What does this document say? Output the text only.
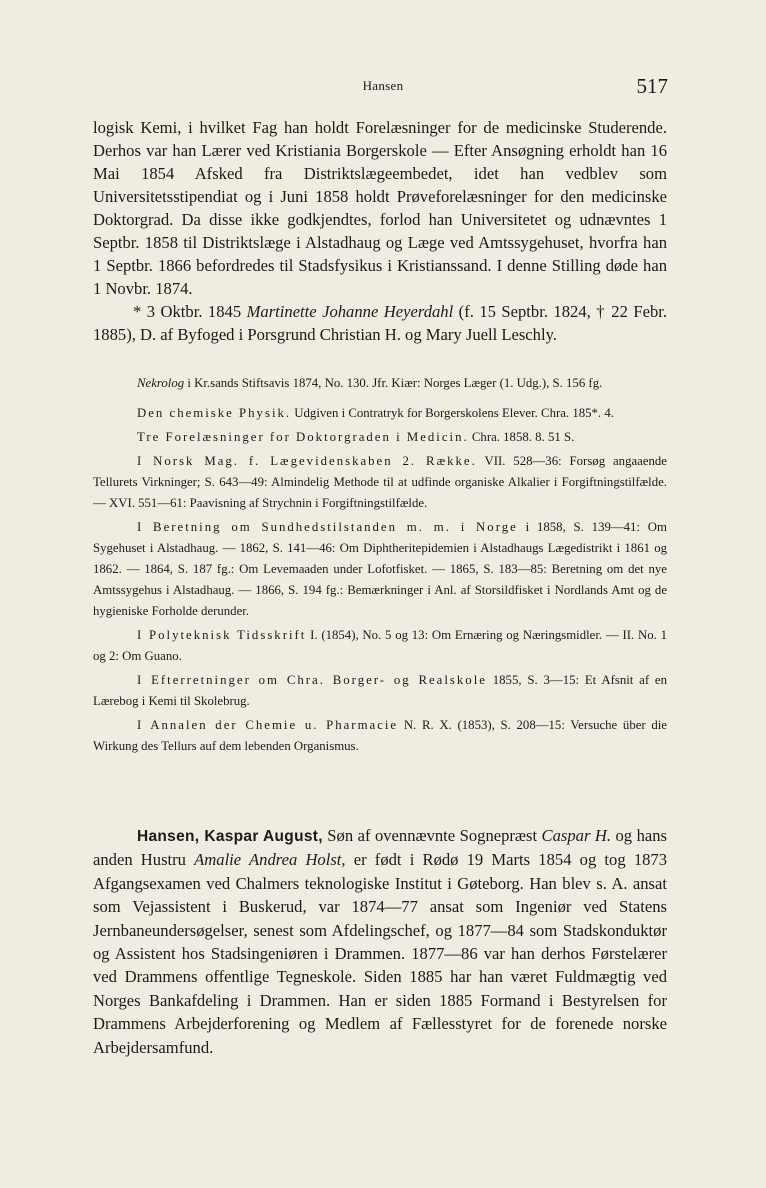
Hansen	517

logisk Kemi, i hvilket Fag han holdt Forelæsninger for de medicinske Studerende. Derhos var han Lærer ved Kristiania Borgerskole — Efter Ansøgning erholdt han 16 Mai 1854 Afsked fra Distriktslægeembedet, idet han vedblev som Universitetsstipendiat og i Juni 1858 holdt Prøveforelæsninger for den medicinske Doktorgrad. Da disse ikke godkjendtes, forlod han Universitetet og udnævntes 1 Septbr. 1858 til Distriktslæge i Alstadhaug og Læge ved Amtssygehuset, hvorfra han 1 Septbr. 1866 befordredes til Stadsfysikus i Kristianssand. I denne Stilling døde han 1 Novbr. 1874.

* 3 Oktbr. 1845 Martinette Johanne Heyerdahl (f. 15 Septbr. 1824, † 22 Febr. 1885), D. af Byfoged i Porsgrund Christian H. og Mary Juell Leschly.

Nekrolog i Kr.sands Stiftsavis 1874, No. 130. Jfr. Kiær: Norges Læger (1. Udg.), S. 156 fg.

Den chemiske Physik. Udgiven i Contratryk for Borgerskolens Elever. Chra. 185*. 4.

Tre Forelæsninger for Doktorgraden i Medicin. Chra. 1858. 8. 51 S.

I Norsk Mag. f. Lægevidenskaben 2. Række. VII. 528—36: Forsøg angaaende Tellurets Virkninger; S. 643—49: Almindelig Methode til at udfinde organiske Alkalier i Forgiftningstilfælde. — XVI. 551—61: Paavisning af Strychnin i Forgiftningstilfælde.

I Beretning om Sundhedstilstanden m. m. i Norge i 1858, S. 139—41: Om Sygehuset i Alstadhaug. — 1862, S. 141—46: Om Diphtheritepidemien i Alstadhaugs Lægedistrikt i 1861 og 1862. — 1864, S. 187 fg.: Om Levemaaden under Lofotfisket. — 1865, S. 183—85: Beretning om det nye Amtssygehus i Alstadhaug. — 1866, S. 194 fg.: Bemærkninger i Anl. af Storsildfisket i Nordlands Amt og de hygieniske Forholde derunder.

I Polyteknisk Tidsskrift I. (1854), No. 5 og 13: Om Ernæring og Næringsmidler. — II. No. 1 og 2: Om Guano.

I Efterretninger om Chra. Borger- og Realskole 1855, S. 3—15: Et Afsnit af en Lærebog i Kemi til Skolebrug.

I Annalen der Chemie u. Pharmacie N. R. X. (1853), S. 208—15: Versuche über die Wirkung des Tellurs auf dem lebenden Organismus.

Hansen, Kaspar August, Søn af ovennævnte Sognepræst Caspar H. og hans anden Hustru Amalie Andrea Holst, er født i Rødø 19 Marts 1854 og tog 1873 Afgangsexamen ved Chalmers teknologiske Institut i Gøteborg. Han blev s. A. ansat som Vejassistent i Buskerud, var 1874—77 ansat som Ingeniør ved Statens Jernbaneundersøgelser, senest som Afdelingschef, og 1877—84 som Stadskonduktør og Assistent hos Stadsingeniøren i Drammen. 1877—86 var han derhos Førstelærer ved Drammens offentlige Tegneskole. Siden 1885 har han været Fuldmægtig ved Norges Bankafdeling i Drammen. Han er siden 1885 Formand i Bestyrelsen for Drammens Arbejderforening og Medlem af Fællesstyret for de forenede norske Arbejdersamfund.
